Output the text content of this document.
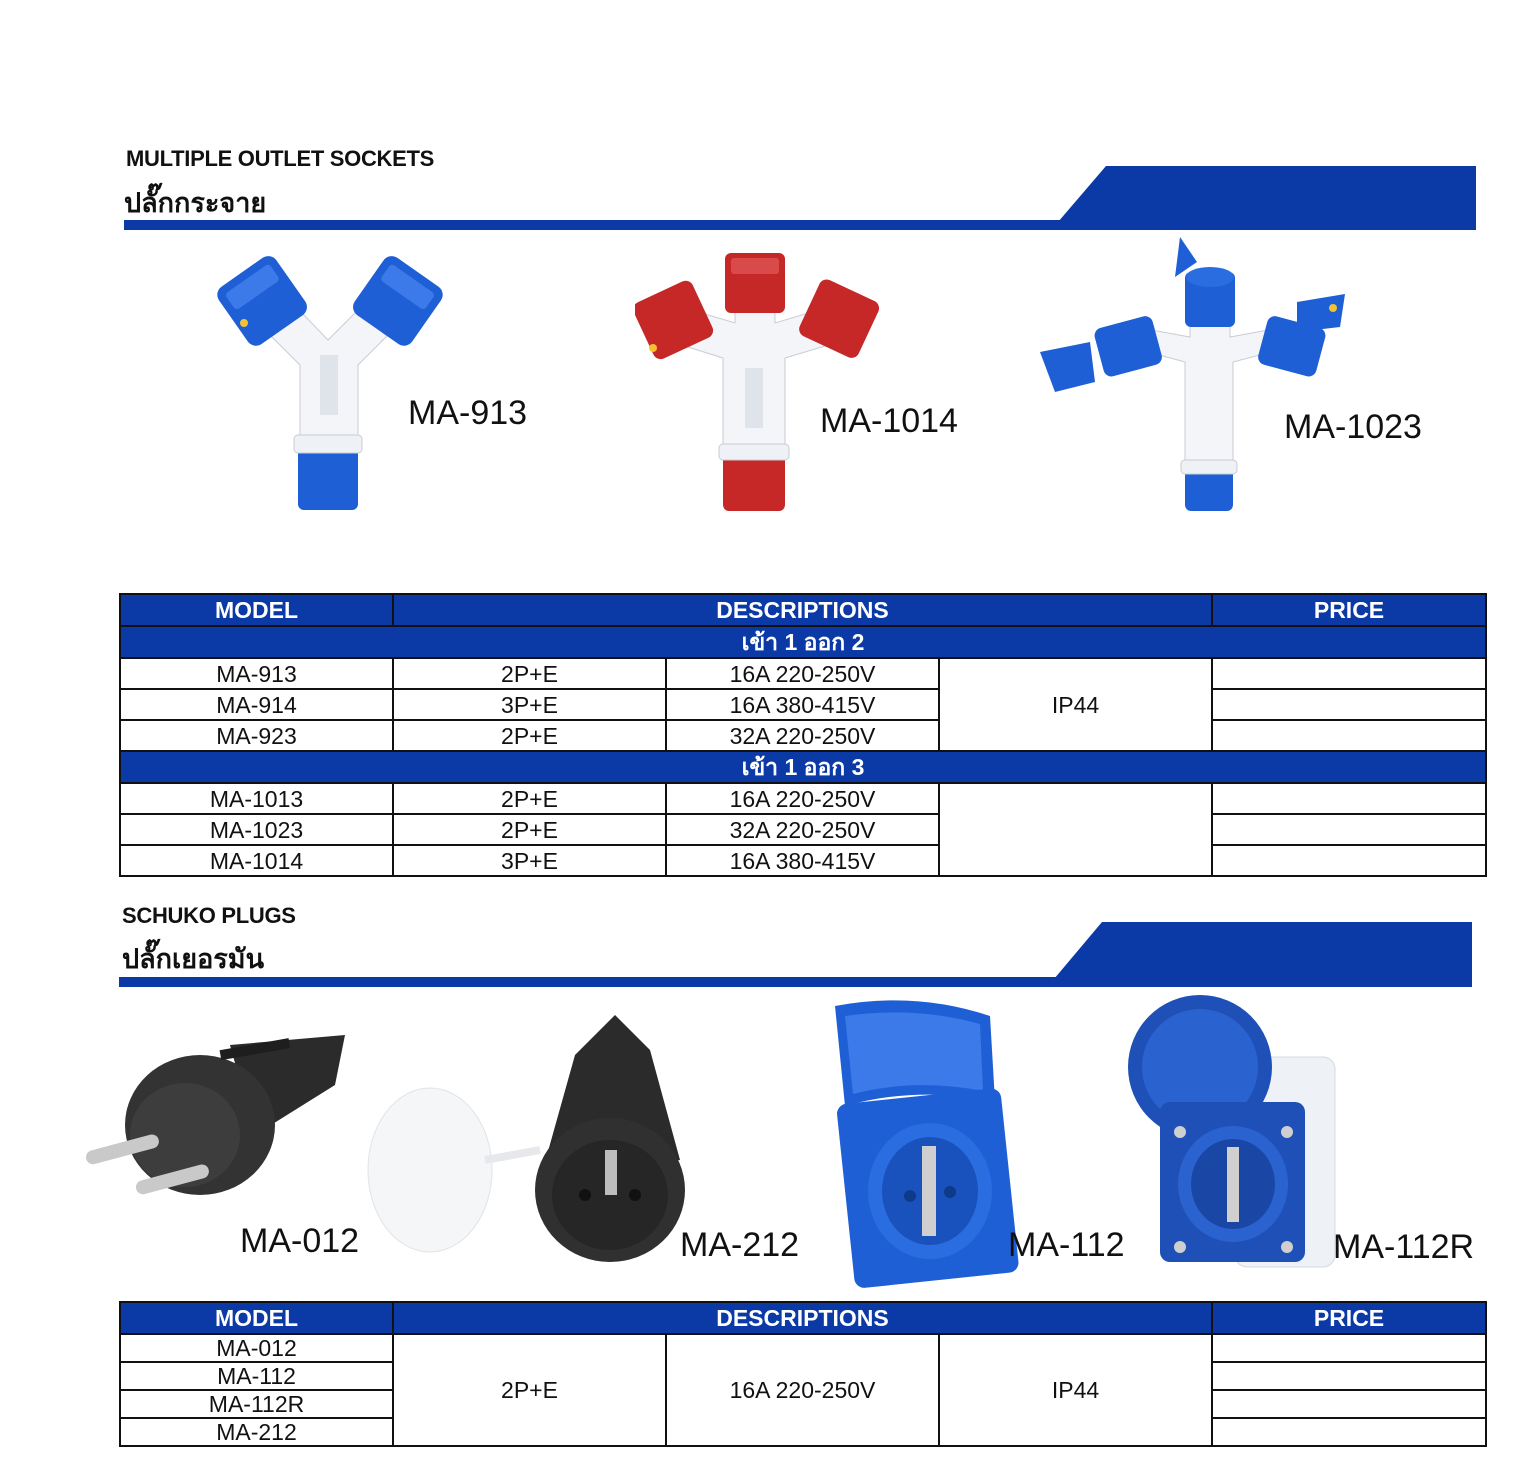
MULTIPLE OUTLET SOCKETS
ปลั๊กกระจาย
MA-913	MA-1014	MA-1023
MODEL	DESCRIPTIONS			PRICE
เข้า 1 ออก 2				
MA-913	2P+E	16A 220-250V	IP44	
MA-914	3P+E	16A 380-415V		
MA-923	2P+E	32A 220-250V		
เข้า 1 ออก 3				
MA-1013	2P+E	16A 220-250V		
MA-1023	2P+E	32A 220-250V		
MA-1014	3P+E	16A 380-415V		
SCHUKO PLUGS
ปลั๊กเยอรมัน
MA-012	MA-212	MA-112	MA-112R
MODEL	DESCRIPTIONS			PRICE
MA-012	2P+E	16A 220-250V	IP44	
MA-112				
MA-112R				
MA-212				
